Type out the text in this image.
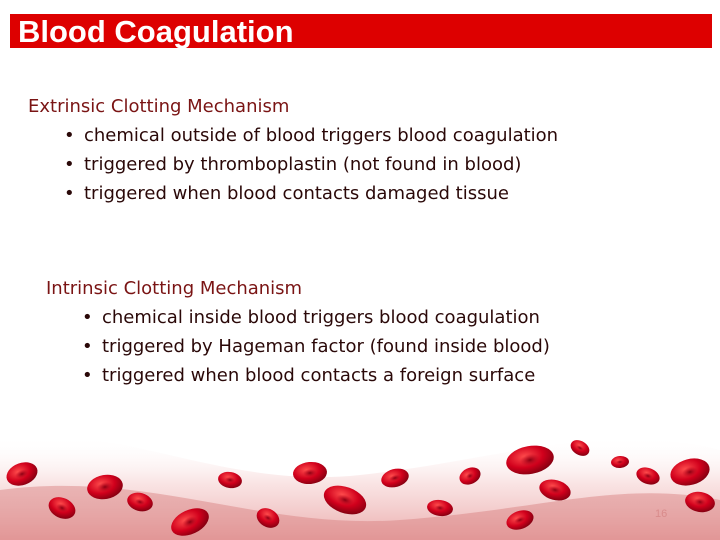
Blood Coagulation
Extrinsic Clotting Mechanism
• chemical outside of blood triggers blood coagulation
• triggered by thromboplastin (not found in blood)
• triggered when blood contacts damaged tissue
Intrinsic Clotting Mechanism
• chemical inside blood triggers blood coagulation
• triggered by Hageman factor (found inside blood)
• triggered when blood contacts a foreign surface
16
